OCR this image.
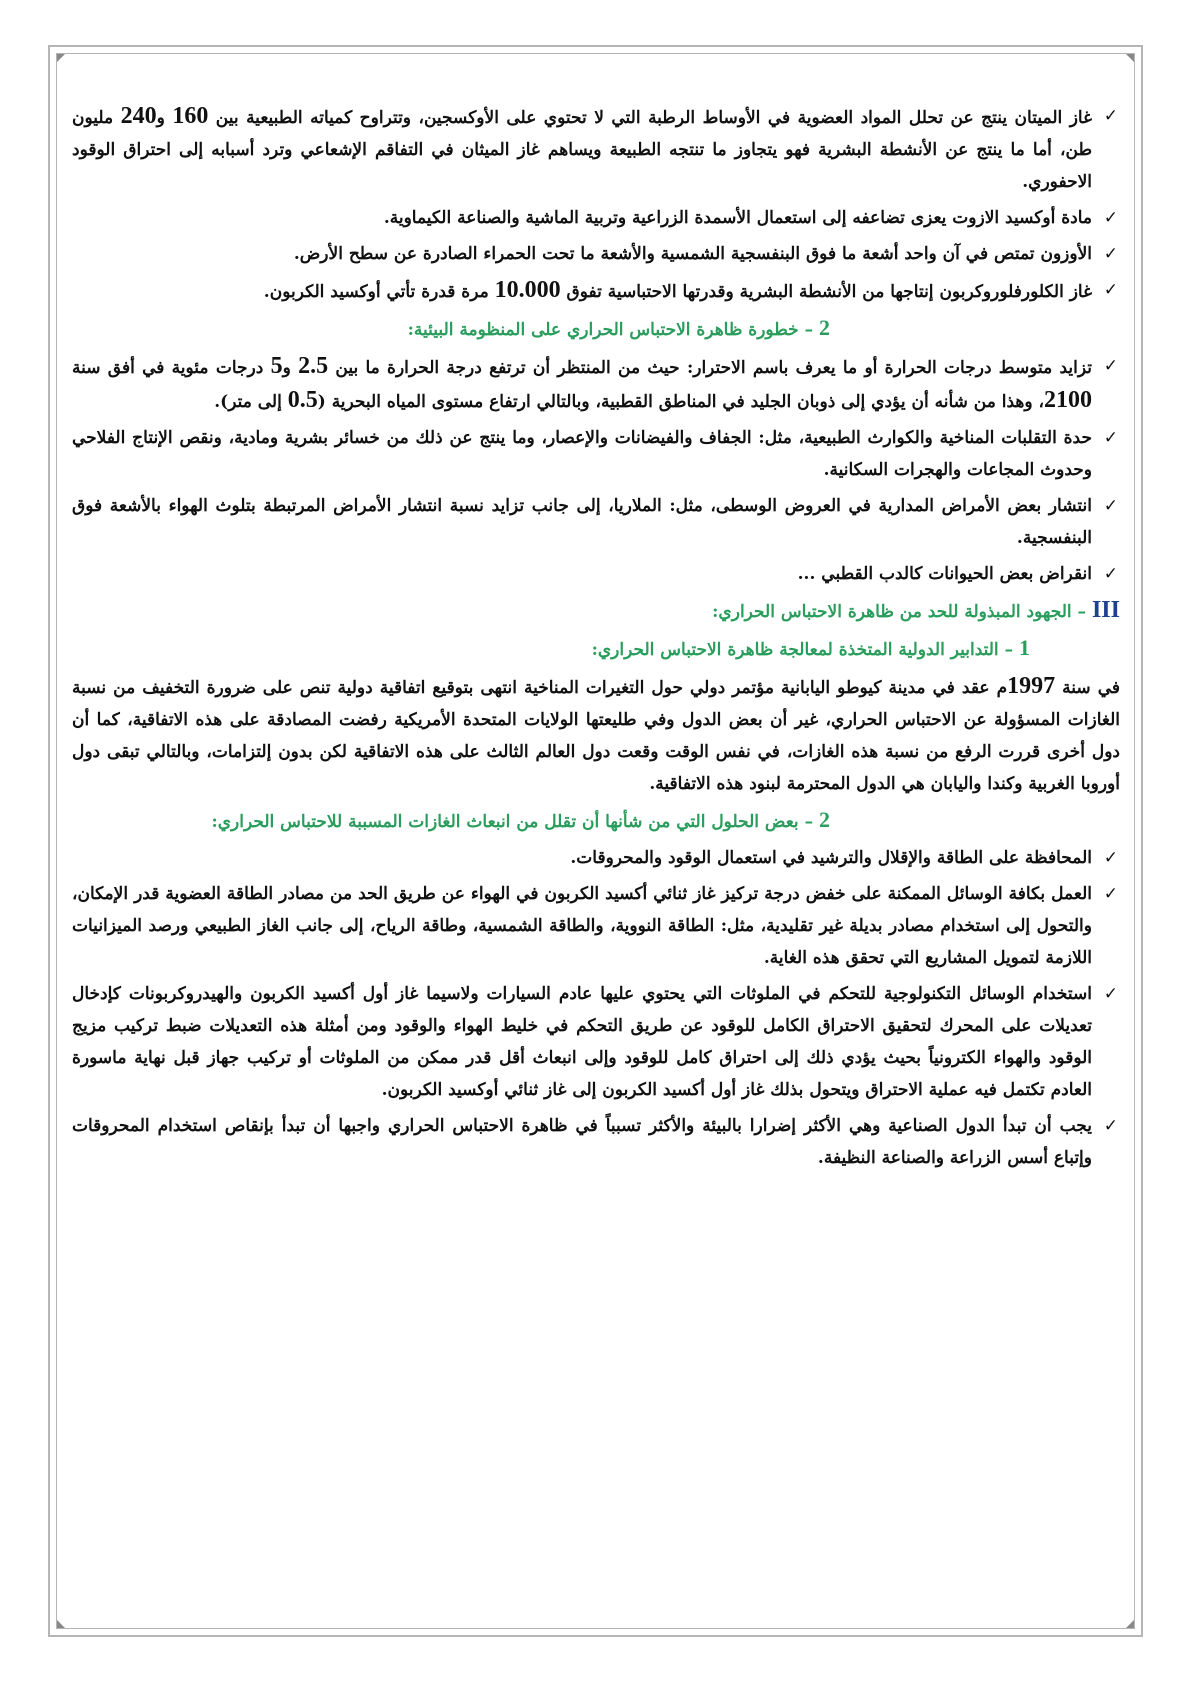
✓
غاز الميتان ينتج عن تحلل المواد العضوية في الأوساط الرطبة التي لا تحتوي على الأوكسجين، وتتراوح كمياته الطبيعية بين 160 و240 مليون طن، أما ما ينتج عن الأنشطة البشرية فهو يتجاوز ما تنتجه الطبيعة ويساهم غاز الميثان في التفاقم الإشعاعي وترد أسبابه إلى احتراق الوقود الاحفوري.
✓
مادة أوكسيد الازوت يعزى تضاعفه إلى استعمال الأسمدة الزراعية وتربية الماشية والصناعة الكيماوية.
✓
الأوزون تمتص في آن واحد أشعة ما فوق البنفسجية الشمسية والأشعة ما تحت الحمراء الصادرة عن سطح الأرض.
✓
غاز الكلورفلوروكربون إنتاجها من الأنشطة البشرية وقدرتها الاحتباسية تفوق 10.000 مرة قدرة تأتي أوكسيد الكربون.
2 – خطورة ظاهرة الاحتباس الحراري على المنظومة البيئية:
✓
تزايد متوسط درجات الحرارة أو ما يعرف باسم الاحترار: حيث من المنتظر أن ترتفع درجة الحرارة ما بين 2.5 و5 درجات مئوية في أفق سنة 2100، وهذا من شأنه أن يؤدي إلى ذوبان الجليد في المناطق القطبية، وبالتالي ارتفاع مستوى المياه البحرية (0.5 إلى متر).
✓
حدة التقلبات المناخية والكوارث الطبيعية، مثل: الجفاف والفيضانات والإعصار، وما ينتج عن ذلك من خسائر بشرية ومادية، ونقص الإنتاج الفلاحي وحدوث المجاعات والهجرات السكانية.
✓
انتشار بعض الأمراض المدارية في العروض الوسطى، مثل: الملاريا، إلى جانب تزايد نسبة انتشار الأمراض المرتبطة بتلوث الهواء بالأشعة فوق البنفسجية.
✓
انقراض بعض الحيوانات كالدب القطبي ...
III – الجهود المبذولة للحد من ظاهرة الاحتباس الحراري:
1 – التدابير الدولية المتخذة لمعالجة ظاهرة الاحتباس الحراري:

في سنة 1997م عقد في مدينة كيوطو اليابانية مؤتمر دولي حول التغيرات المناخية انتهى بتوقيع اتفاقية دولية تنص على ضرورة التخفيف من نسبة الغازات المسؤولة عن الاحتباس الحراري، غير أن بعض الدول وفي طليعتها الولايات المتحدة الأمريكية رفضت المصادقة على هذه الاتفاقية، كما أن دول أخرى قررت الرفع من نسبة هذه الغازات، في نفس الوقت وقعت دول العالم الثالث على هذه الاتفاقية لكن بدون إلتزامات، وبالتالي تبقى دول أوروبا الغربية وكندا واليابان هي الدول المحترمة لبنود هذه الاتفاقية.

2 – بعض الحلول التي من شأنها أن تقلل من انبعاث الغازات المسببة للاحتباس الحراري:
✓
المحافظة على الطاقة والإقلال والترشيد في استعمال الوقود والمحروقات.
✓
العمل بكافة الوسائل الممكنة على خفض درجة تركيز غاز ثنائي أكسيد الكربون في الهواء عن طريق الحد من مصادر الطاقة العضوية قدر الإمكان، والتحول إلى استخدام مصادر بديلة غير تقليدية، مثل: الطاقة النووية، والطاقة الشمسية، وطاقة الرياح، إلى جانب الغاز الطبيعي ورصد الميزانيات اللازمة لتمويل المشاريع التي تحقق هذه الغاية.
✓
استخدام الوسائل التكنولوجية للتحكم في الملوثات التي يحتوي عليها عادم السيارات ولاسيما غاز أول أكسيد الكربون والهيدروكربونات كإدخال تعديلات على المحرك لتحقيق الاحتراق الكامل للوقود عن طريق التحكم في خليط الهواء والوقود ومن أمثلة هذه التعديلات ضبط تركيب مزيج الوقود والهواء الكترونياً بحيث يؤدي ذلك إلى احتراق كامل للوقود وإلى انبعاث أقل قدر ممكن من الملوثات أو تركيب جهاز قبل نهاية ماسورة العادم تكتمل فيه عملية الاحتراق ويتحول بذلك غاز أول أكسيد الكربون إلى غاز ثنائي أوكسيد الكربون.
✓
يجب أن تبدأ الدول الصناعية وهي الأكثر إضرارا بالبيئة والأكثر تسبباً في ظاهرة الاحتباس الحراري واجبها أن تبدأ بإنقاص استخدام المحروقات وإتباع أسس الزراعة والصناعة النظيفة.
